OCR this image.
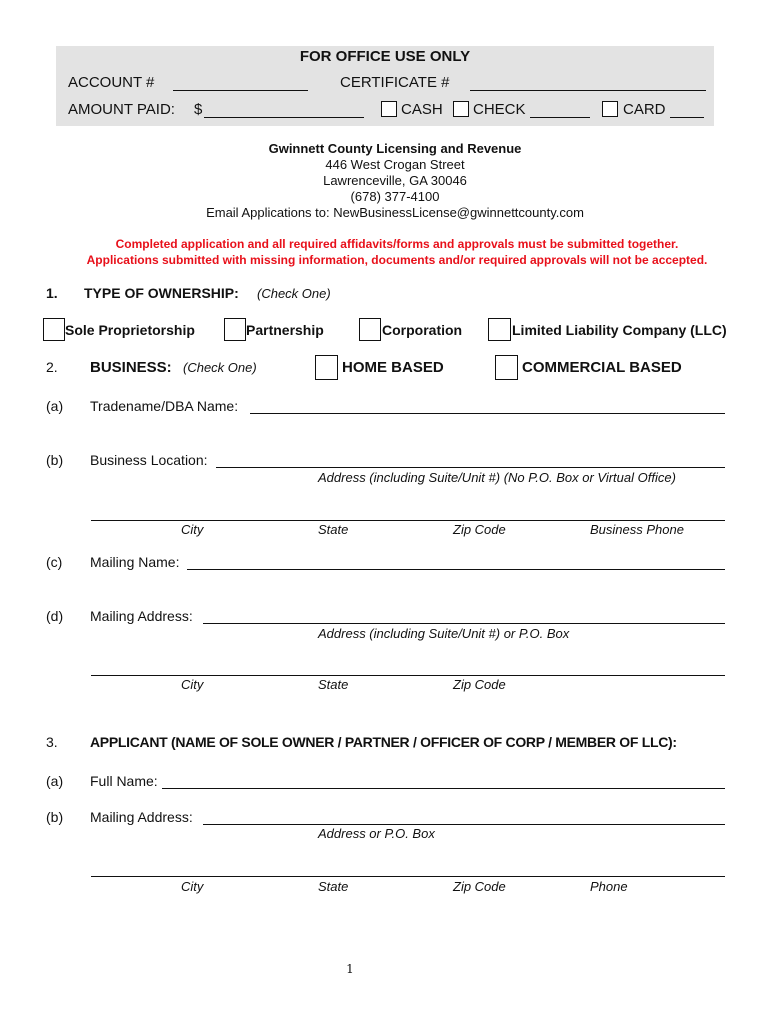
FOR OFFICE USE ONLY
ACCOUNT #	CERTIFICATE #
AMOUNT PAID: $	CASH CHECK	CARD
Gwinnett County Licensing and Revenue
446 West Crogan Street
Lawrenceville, GA 30046
(678) 377-4100
Email Applications to: NewBusinessLicense@gwinnettcounty.com
Completed application and all required affidavits/forms and approvals must be submitted together.
Applications submitted with missing information, documents and/or required approvals will not be accepted.
1. TYPE OF OWNERSHIP: (Check One)
Sole Proprietorship	Partnership	Corporation	Limited Liability Company (LLC)
2. BUSINESS: (Check One)	HOME BASED	COMMERCIAL BASED
(a) Tradename/DBA Name:
(b) Business Location:
Address (including Suite/Unit #) (No P.O. Box or Virtual Office)
City	State	Zip Code	Business Phone
(c) Mailing Name:
(d) Mailing Address:
Address (including Suite/Unit #) or P.O. Box
City	State	Zip Code
3. APPLICANT (NAME OF SOLE OWNER / PARTNER / OFFICER OF CORP / MEMBER OF LLC):
(a) Full Name:
(b) Mailing Address:
Address or P.O. Box
City	State	Zip Code	Phone
1
